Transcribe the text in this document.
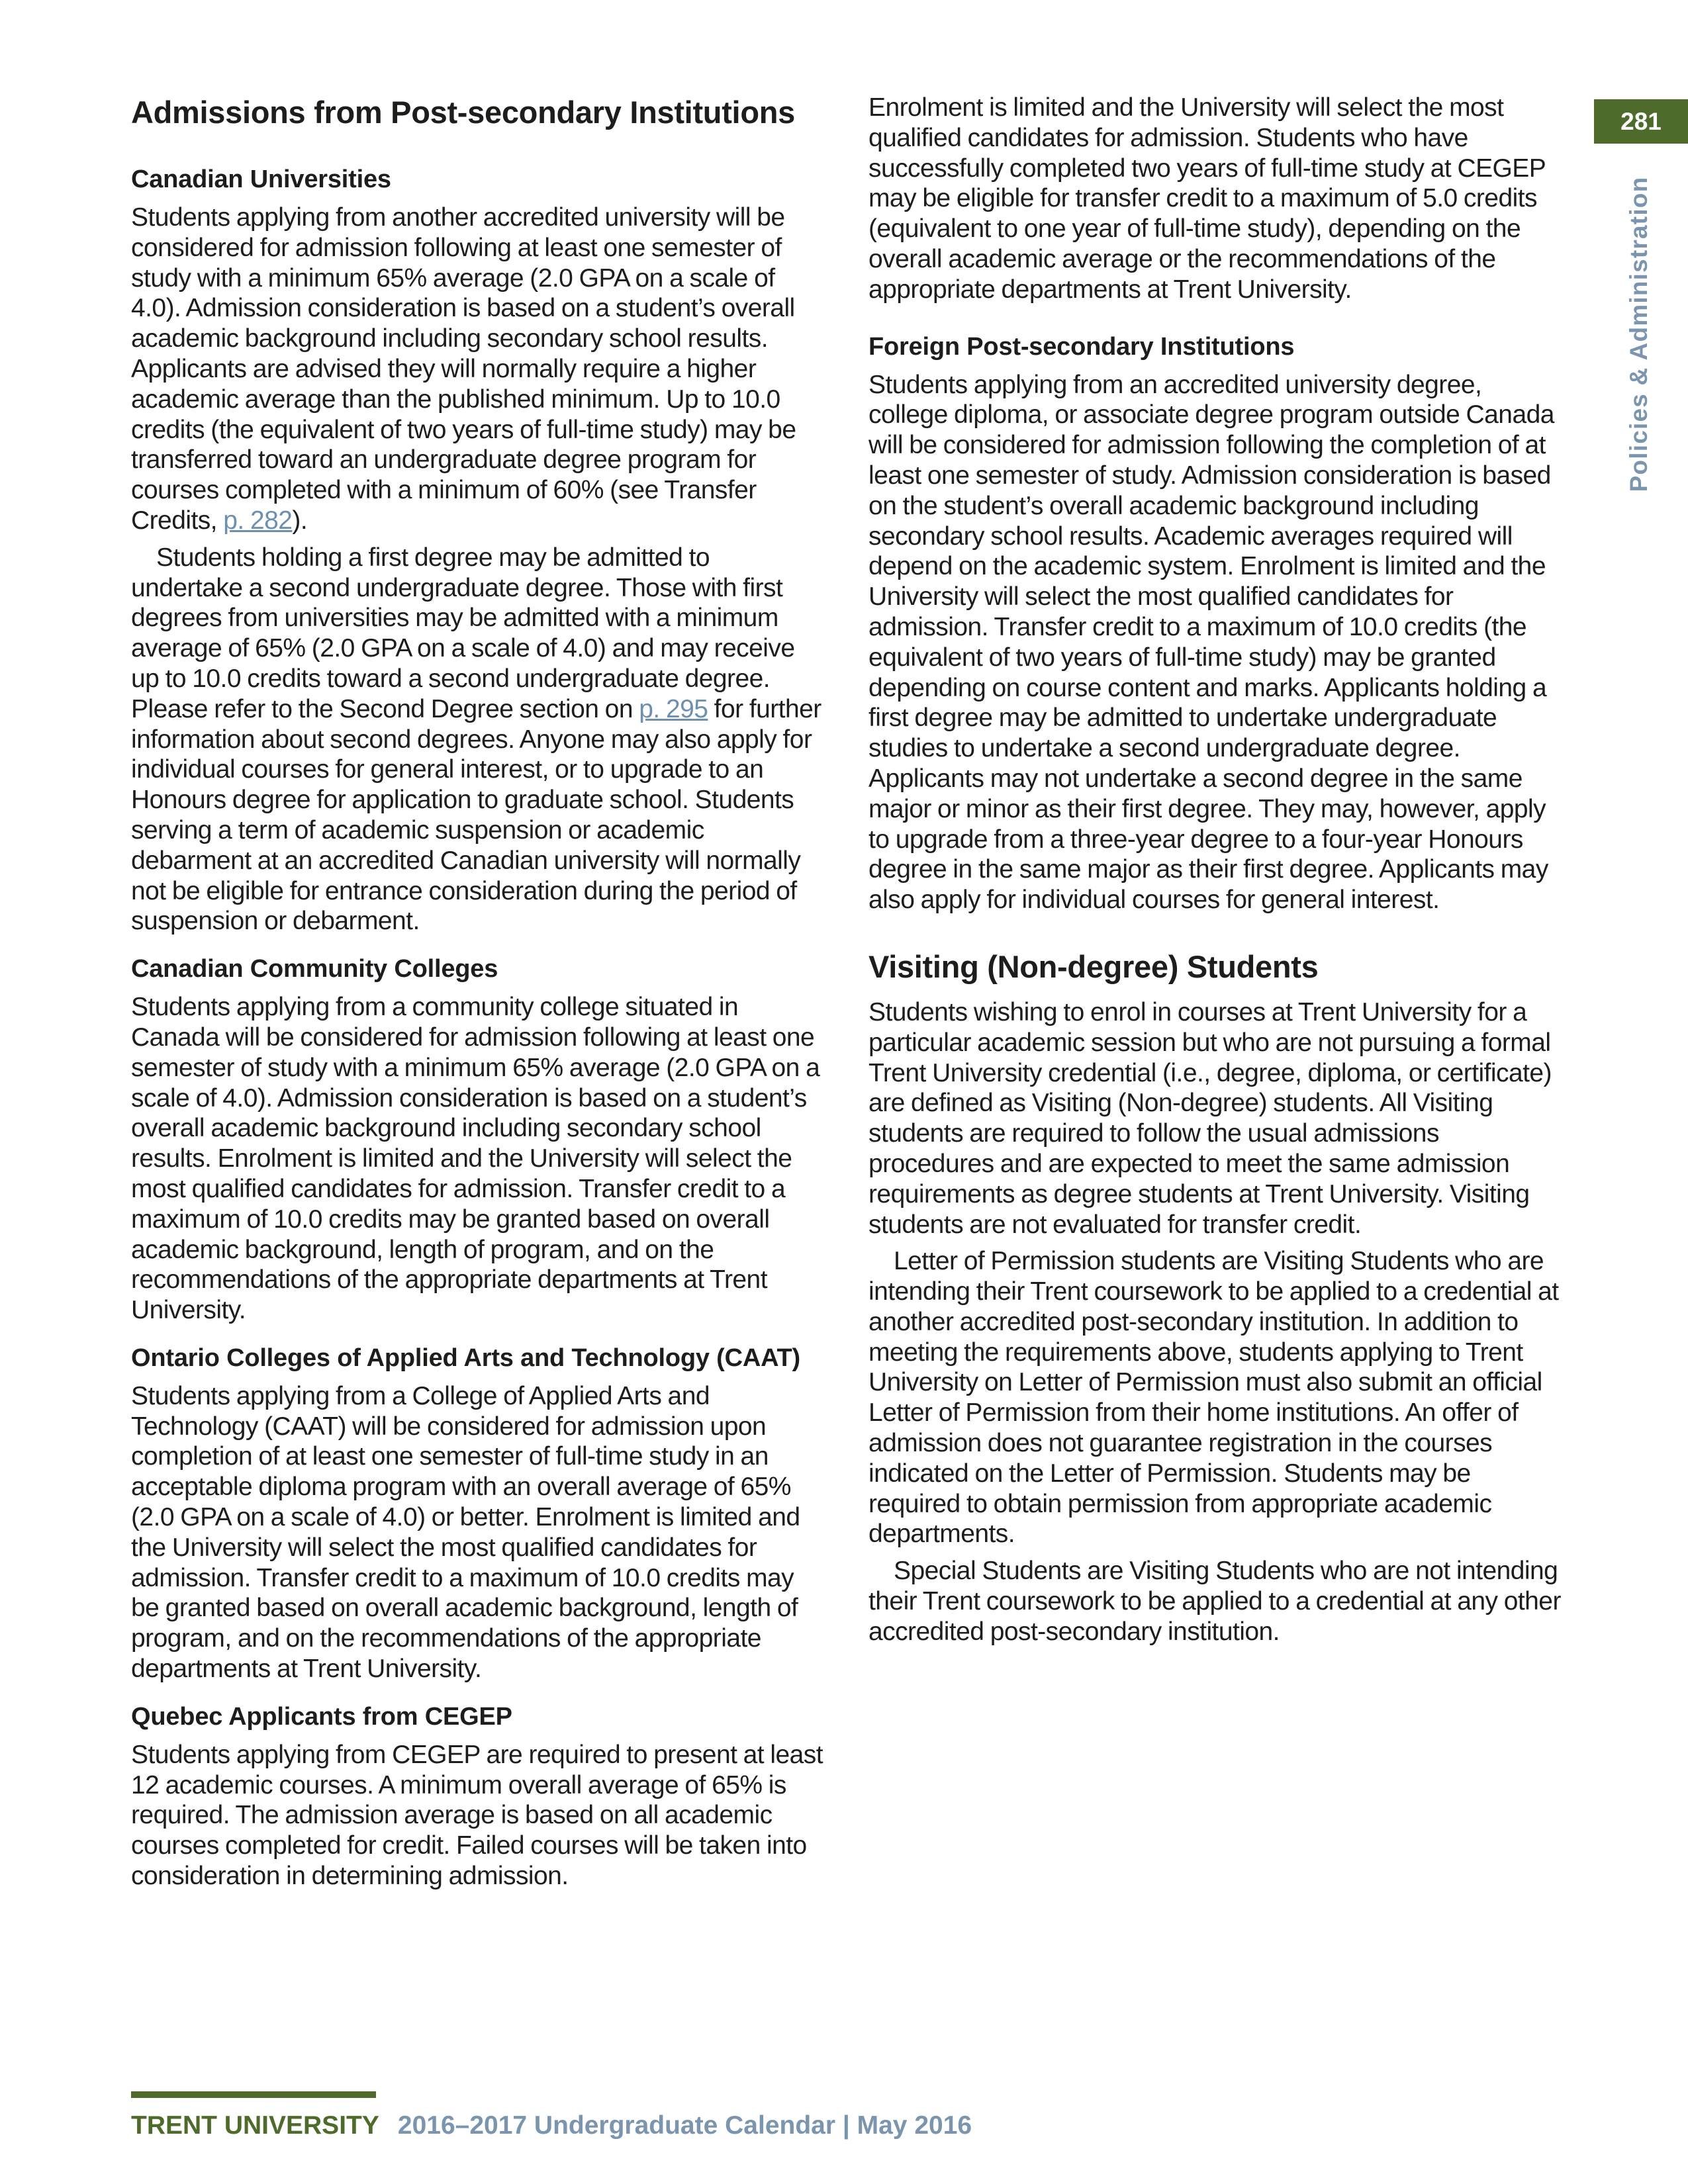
281
Policies & Administration
Admissions from Post-secondary Institutions
Canadian Universities

Students applying from another accredited university will be considered for admission following at least one semester of study with a minimum 65% average (2.0 GPA on a scale of 4.0). Admission consideration is based on a student’s overall academic background including secondary school results. Applicants are advised they will normally require a higher academic average than the published minimum. Up to 10.0 credits (the equivalent of two years of full-time study) may be transferred toward an undergraduate degree program for courses completed with a minimum of 60% (see Transfer Credits, p. 282).

Students holding a first degree may be admitted to undertake a second undergraduate degree. Those with first degrees from universities may be admitted with a minimum average of 65% (2.0 GPA on a scale of 4.0) and may receive up to 10.0 credits toward a second undergraduate degree. Please refer to the Second Degree section on p. 295 for further information about second degrees. Anyone may also apply for individual courses for general interest, or to upgrade to an Honours degree for application to graduate school. Students serving a term of academic suspension or academic debarment at an accredited Canadian university will normally not be eligible for entrance consideration during the period of suspension or debarment.

Canadian Community Colleges

Students applying from a community college situated in Canada will be considered for admission following at least one semester of study with a minimum 65% average (2.0 GPA on a scale of 4.0). Admission consideration is based on a student’s overall academic background including secondary school results. Enrolment is limited and the University will select the most qualified candidates for admission. Transfer credit to a maximum of 10.0 credits may be granted based on overall academic background, length of program, and on the recommendations of the appropriate departments at Trent University.

Ontario Colleges of Applied Arts and Technology (CAAT)

Students applying from a College of Applied Arts and Technology (CAAT) will be considered for admission upon completion of at least one semester of full-time study in an acceptable diploma program with an overall average of 65% (2.0 GPA on a scale of 4.0) or better. Enrolment is limited and the University will select the most qualified candidates for admission. Transfer credit to a maximum of 10.0 credits may be granted based on overall academic background, length of program, and on the recommendations of the appropriate departments at Trent University.

Quebec Applicants from CEGEP

Students applying from CEGEP are required to present at least 12 academic courses. A minimum overall average of 65% is required. The admission average is based on all academic courses completed for credit. Failed courses will be taken into consideration in determining admission.

Enrolment is limited and the University will select the most qualified candidates for admission. Students who have successfully completed two years of full-time study at CEGEP may be eligible for transfer credit to a maximum of 5.0 credits (equivalent to one year of full-time study), depending on the overall academic average or the recommendations of the appropriate departments at Trent University.

Foreign Post-secondary Institutions

Students applying from an accredited university degree, college diploma, or associate degree program outside Canada will be considered for admission following the completion of at least one semester of study. Admission consideration is based on the student’s overall academic background including secondary school results. Academic averages required will depend on the academic system. Enrolment is limited and the University will select the most qualified candidates for admission. Transfer credit to a maximum of 10.0 credits (the equivalent of two years of full-time study) may be granted depending on course content and marks. Applicants holding a first degree may be admitted to undertake undergraduate studies to undertake a second undergraduate degree. Applicants may not undertake a second degree in the same major or minor as their first degree. They may, however, apply to upgrade from a three-year degree to a four-year Honours degree in the same major as their first degree. Applicants may also apply for individual courses for general interest.

Visiting (Non-degree) Students

Students wishing to enrol in courses at Trent University for a particular academic session but who are not pursuing a formal Trent University credential (i.e., degree, diploma, or certificate) are defined as Visiting (Non-degree) students. All Visiting students are required to follow the usual admissions procedures and are expected to meet the same admission requirements as degree students at Trent University. Visiting students are not evaluated for transfer credit.

Letter of Permission students are Visiting Students who are intending their Trent coursework to be applied to a credential at another accredited post-secondary institution. In addition to meeting the requirements above, students applying to Trent University on Letter of Permission must also submit an official Letter of Permission from their home institutions. An offer of admission does not guarantee registration in the courses indicated on the Letter of Permission. Students may be required to obtain permission from appropriate academic departments.

Special Students are Visiting Students who are not intending their Trent coursework to be applied to a credential at any other accredited post-secondary institution.

TRENT UNIVERSITY 2016–2017 Undergraduate Calendar | May 2016
